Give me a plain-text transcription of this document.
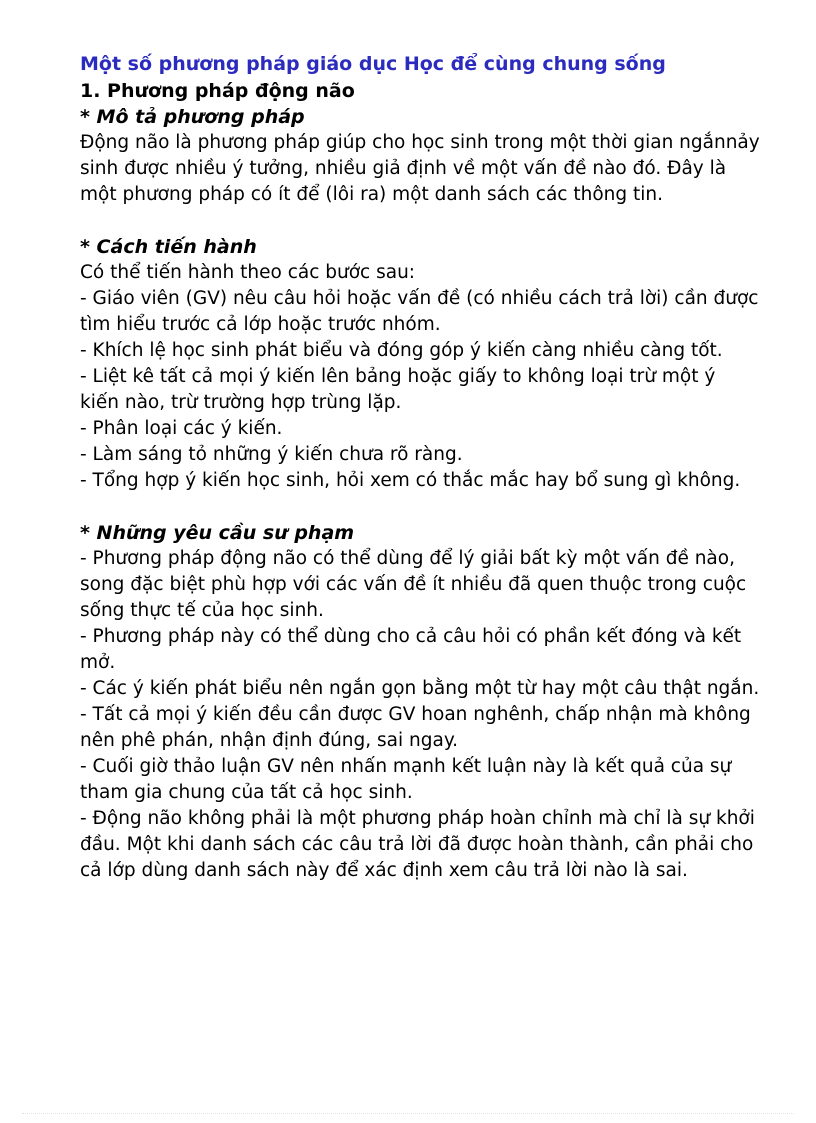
Một số phương pháp giáo dục Học để cùng chung sống
1. Phương pháp động não
* Mô tả phương pháp

Động não là phương pháp giúp cho học sinh trong một thời gian ngắnnảy sinh được nhiều ý tưởng, nhiều giả định về một vấn đề nào đó. Đây là một phương pháp có ít để (lôi ra) một danh sách các thông tin.

* Cách tiến hành

Có thể tiến hành theo các bước sau:

- Giáo viên (GV) nêu câu hỏi hoặc vấn đề (có nhiều cách trả lời) cần được tìm hiểu trước cả lớp hoặc trước nhóm.

- Khích lệ học sinh phát biểu và đóng góp ý kiến càng nhiều càng tốt.

- Liệt kê tất cả mọi ý kiến lên bảng hoặc giấy to không loại trừ một ý kiến nào, trừ trường hợp trùng lặp.

- Phân loại các ý kiến.

- Làm sáng tỏ những ý kiến chưa rõ ràng.

- Tổng hợp ý kiến học sinh, hỏi xem có thắc mắc hay bổ sung gì không.

* Những yêu cầu sư phạm

- Phương pháp động não có thể dùng để lý giải bất kỳ một vấn đề nào, song đặc biệt phù hợp với các vấn đề ít nhiều đã quen thuộc trong cuộc sống thực tế của học sinh.

- Phương pháp này có thể dùng cho cả câu hỏi có phần kết đóng và kết mở.

- Các ý kiến phát biểu nên ngắn gọn bằng một từ hay một câu thật ngắn.

- Tất cả mọi ý kiến đều cần được GV hoan nghênh, chấp nhận mà không nên phê phán, nhận định đúng, sai ngay.

- Cuối giờ thảo luận GV nên nhấn mạnh kết luận này là kết quả của sự tham gia chung của tất cả học sinh.

- Động não không phải là một phương pháp hoàn chỉnh mà chỉ là sự khởi đầu. Một khi danh sách các câu trả lời đã được hoàn thành, cần phải cho cả lớp dùng danh sách này để xác định xem câu trả lời nào là sai.
